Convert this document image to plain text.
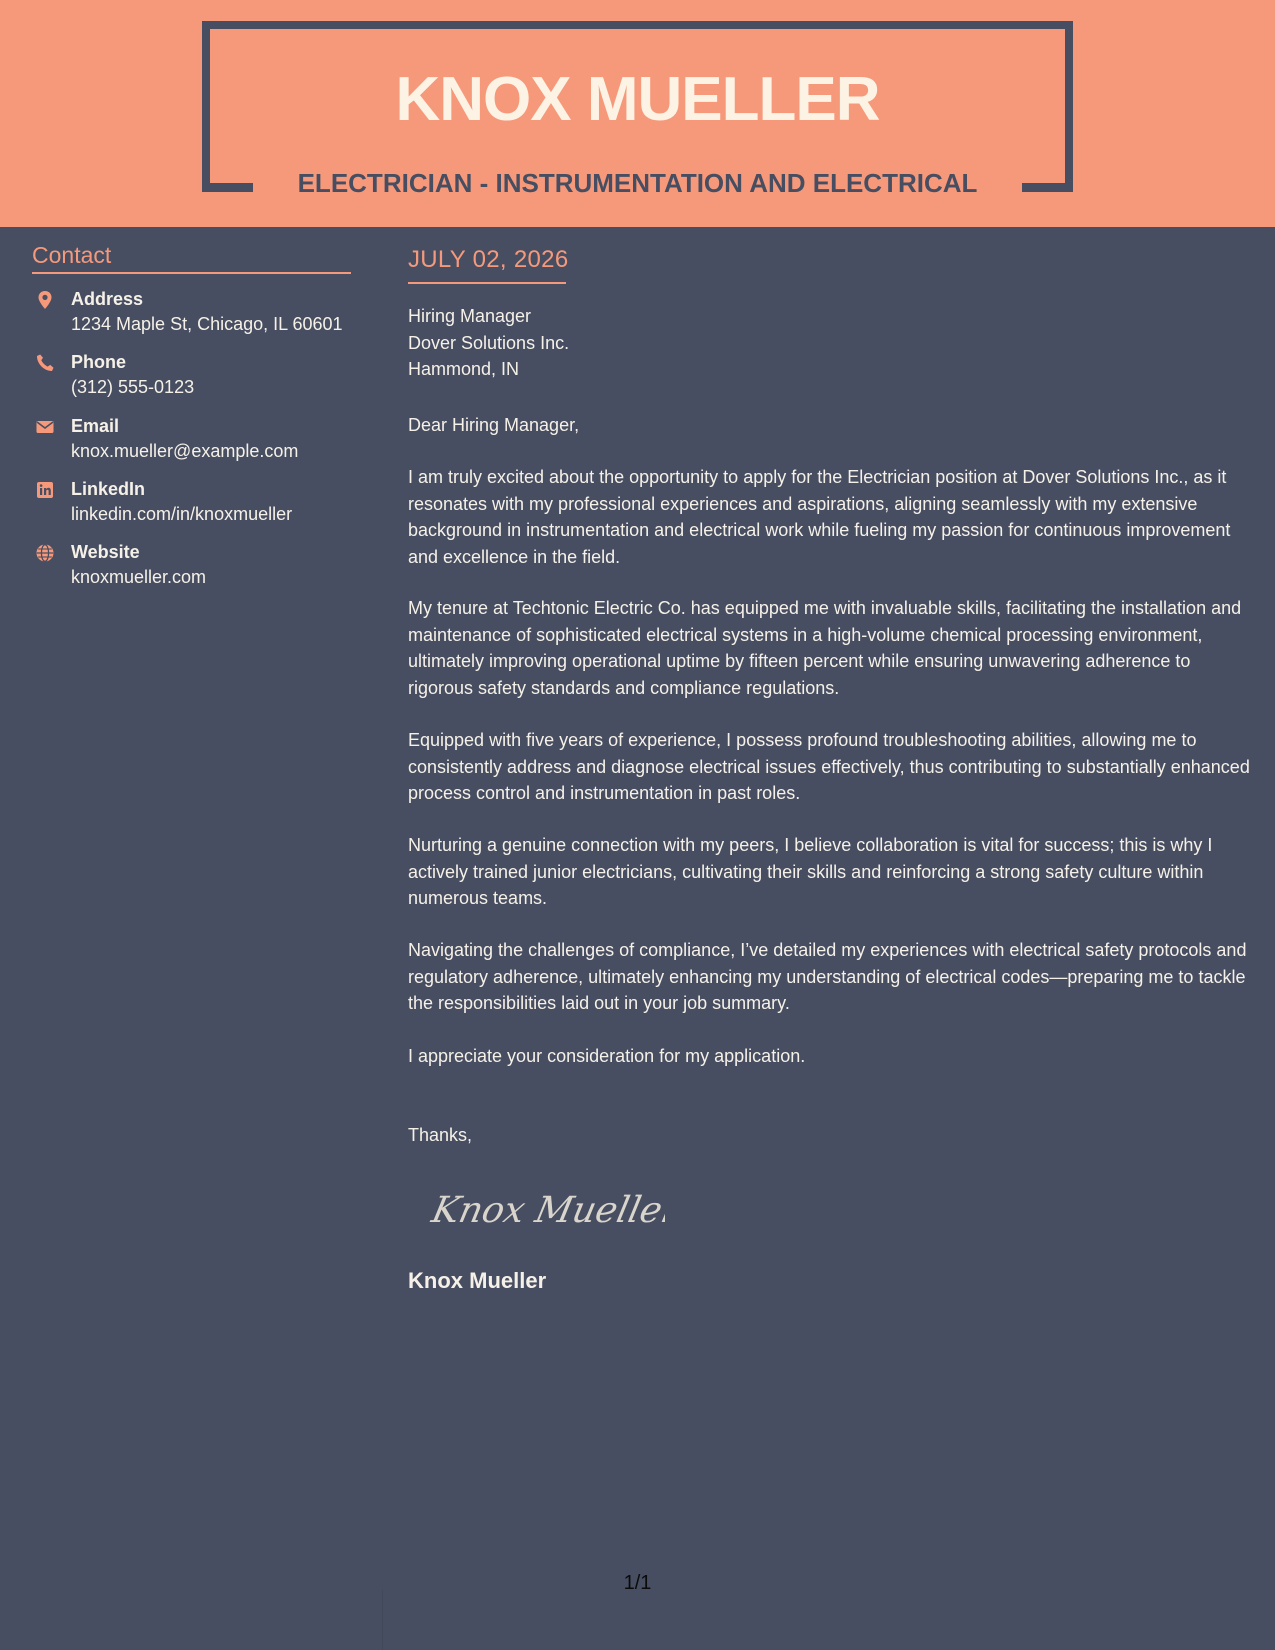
KNOX MUELLER
ELECTRICIAN - INSTRUMENTATION AND ELECTRICAL
Contact
Address
1234 Maple St, Chicago, IL 60601
Phone
(312) 555-0123
Email
knox.mueller@example.com
LinkedIn
linkedin.com/in/knoxmueller
Website
knoxmueller.com
JULY 02, 2026
Hiring Manager
Dover Solutions Inc.
Hammond, IN
Dear Hiring Manager,
I am truly excited about the opportunity to apply for the Electrician position at Dover Solutions Inc., as it resonates with my professional experiences and aspirations, aligning seamlessly with my extensive background in instrumentation and electrical work while fueling my passion for continuous improvement and excellence in the field.
My tenure at Techtonic Electric Co. has equipped me with invaluable skills, facilitating the installation and maintenance of sophisticated electrical systems in a high-volume chemical processing environment, ultimately improving operational uptime by fifteen percent while ensuring unwavering adherence to rigorous safety standards and compliance regulations.
Equipped with five years of experience, I possess profound troubleshooting abilities, allowing me to consistently address and diagnose electrical issues effectively, thus contributing to substantially enhanced process control and instrumentation in past roles.
Nurturing a genuine connection with my peers, I believe collaboration is vital for success; this is why I actively trained junior electricians, cultivating their skills and reinforcing a strong safety culture within numerous teams.
Navigating the challenges of compliance, I’ve detailed my experiences with electrical safety protocols and regulatory adherence, ultimately enhancing my understanding of electrical codes—preparing me to tackle the responsibilities laid out in your job summary.
I appreciate your consideration for my application.
Thanks,
Knox Mueller
Knox Mueller
1/1
